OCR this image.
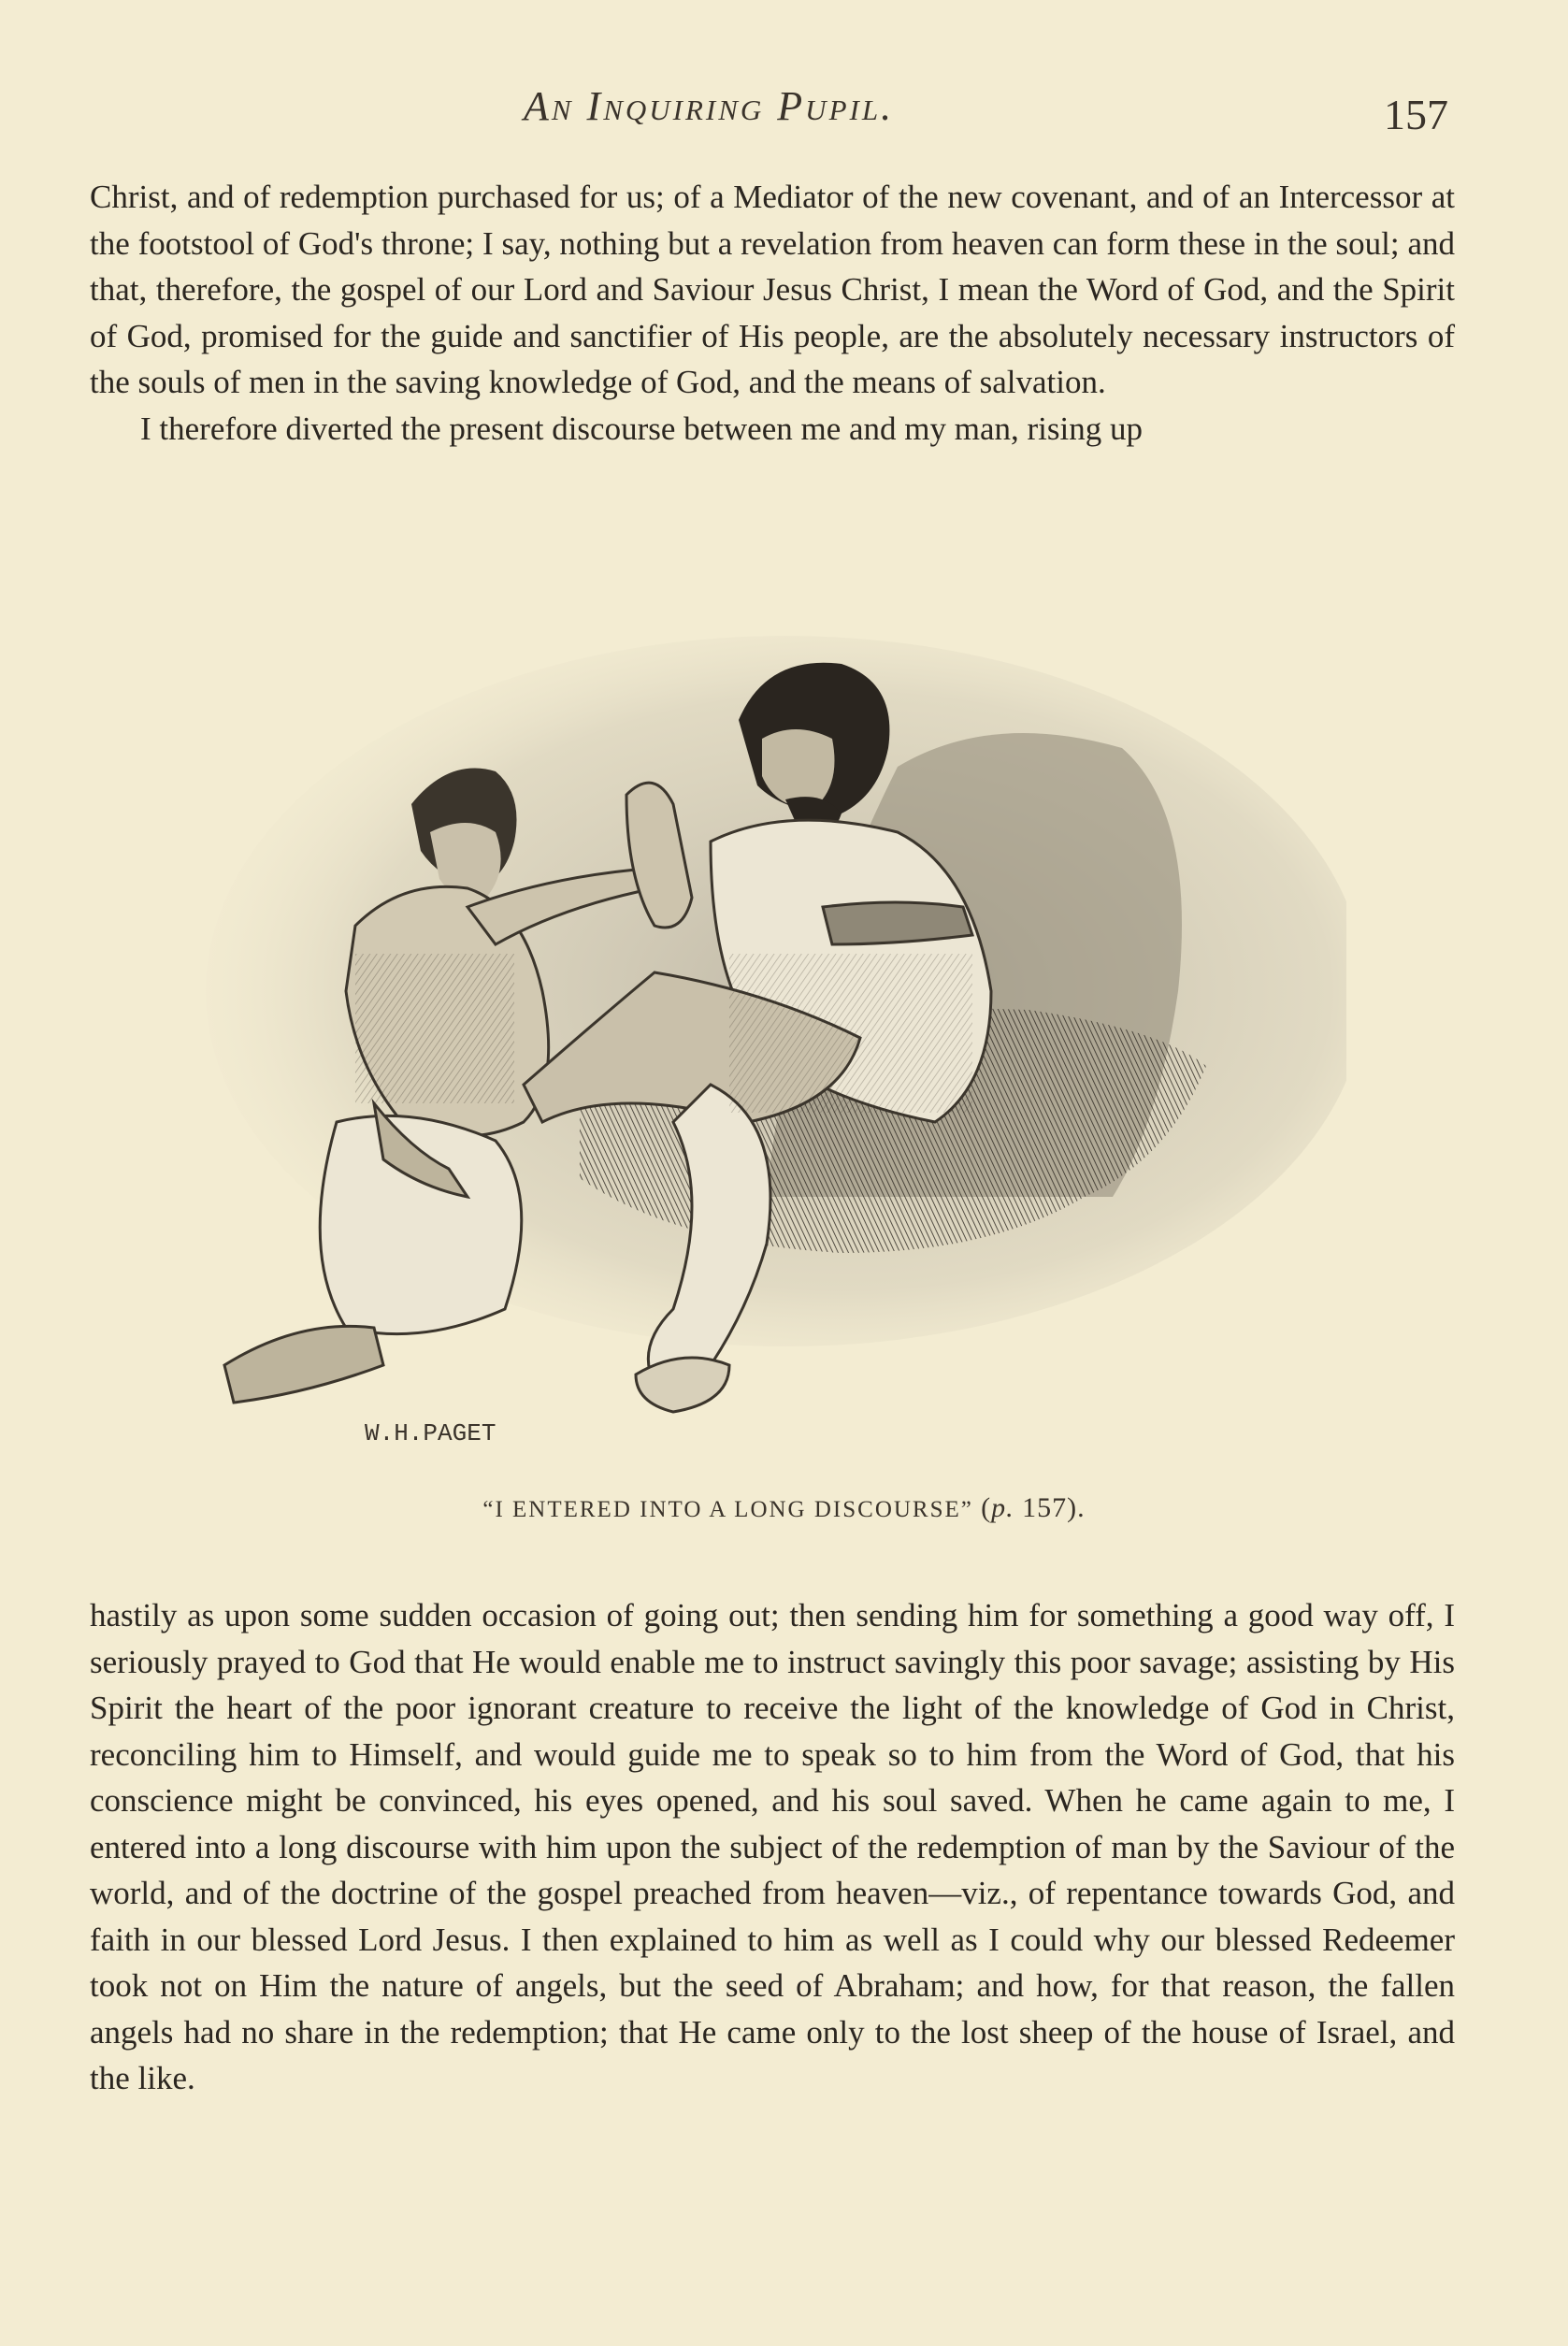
An Inquiring Pupil.	157

Christ, and of redemption purchased for us; of a Mediator of the new covenant, and of an Intercessor at the footstool of God's throne; I say, nothing but a revelation from heaven can form these in the soul; and that, therefore, the gospel of our Lord and Saviour Jesus Christ, I mean the Word of God, and the Spirit of God, promised for the guide and sanctifier of His people, are the absolutely necessary instructors of the souls of men in the saving knowledge of God, and the means of salvation.

I therefore diverted the present discourse between me and my man, rising up

W.H.PAGET
“I ENTERED INTO A LONG DISCOURSE” (p. 157).

hastily as upon some sudden occasion of going out; then sending him for something a good way off, I seriously prayed to God that He would enable me to instruct savingly this poor savage; assisting by His Spirit the heart of the poor ignorant creature to receive the light of the knowledge of God in Christ, reconciling him to Himself, and would guide me to speak so to him from the Word of God, that his conscience might be convinced, his eyes opened, and his soul saved. When he came again to me, I entered into a long discourse with him upon the subject of the redemption of man by the Saviour of the world, and of the doctrine of the gospel preached from heaven—viz., of repentance towards God, and faith in our blessed Lord Jesus. I then explained to him as well as I could why our blessed Redeemer took not on Him the nature of angels, but the seed of Abraham; and how, for that reason, the fallen angels had no share in the redemption; that He came only to the lost sheep of the house of Israel, and the like.
